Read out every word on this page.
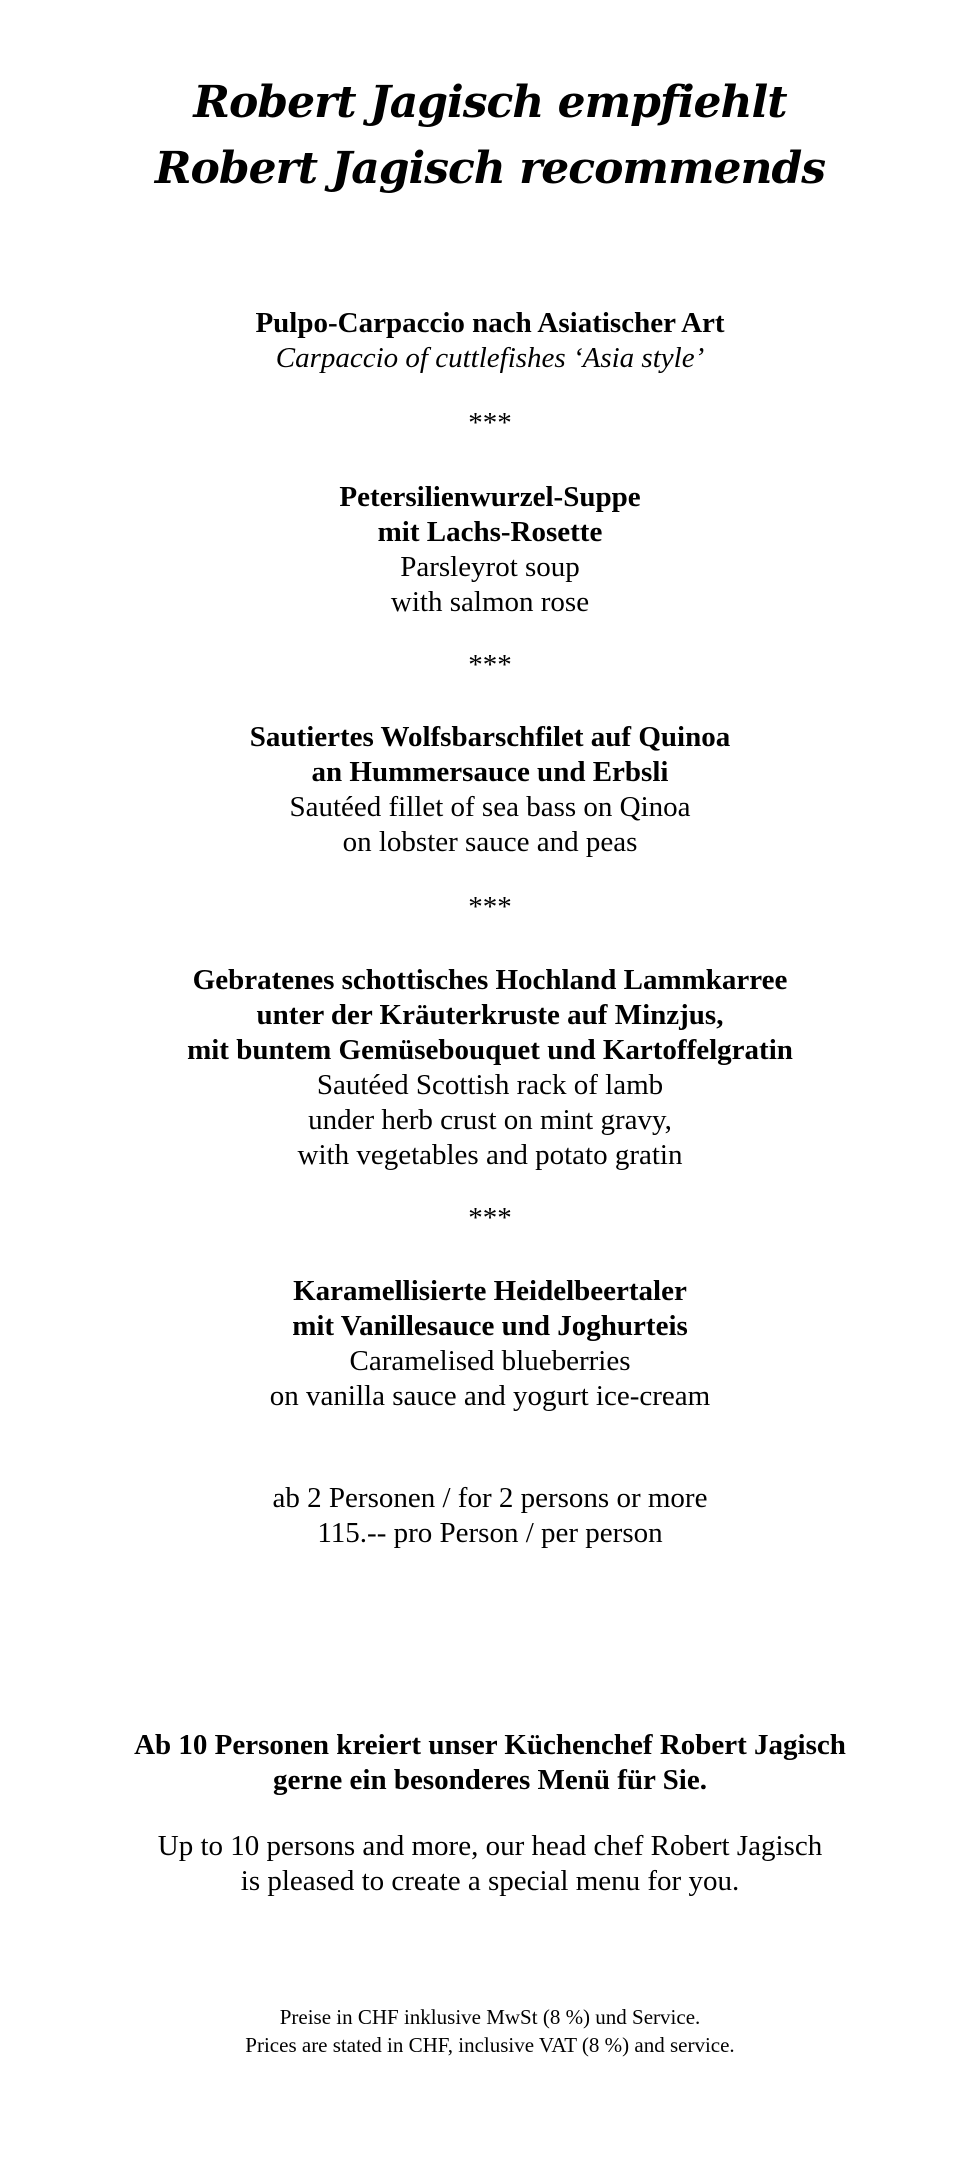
Robert Jagisch empfiehlt
Robert Jagisch recommends
Pulpo-Carpaccio nach Asiatischer Art
Carpaccio of cuttlefishes ‘Asia style’
***
Petersilienwurzel-Suppe
mit Lachs-Rosette
Parsleyrot soup
with salmon rose
***
Sautiertes Wolfsbarschfilet auf Quinoa
an Hummersauce und Erbsli
Sautéed fillet of sea bass on Qinoa
on lobster sauce and peas
***
Gebratenes schottisches Hochland Lammkarree
unter der Kräuterkruste auf Minzjus,
mit buntem Gemüsebouquet und Kartoffelgratin
Sautéed Scottish rack of lamb
under herb crust on mint gravy,
with vegetables and potato gratin
***
Karamellisierte Heidelbeertaler
mit Vanillesauce und Joghurteis
Caramelised blueberries
on vanilla sauce and yogurt ice-cream
ab 2 Personen / for 2 persons or more
115.-- pro Person / per person
Ab 10 Personen kreiert unser Küchenchef Robert Jagisch
gerne ein besonderes Menü für Sie.
Up to 10 persons and more, our head chef Robert Jagisch
is pleased to create a special menu for you.
Preise in CHF inklusive MwSt (8 %) und Service.
Prices are stated in CHF, inclusive VAT (8 %) and service.
